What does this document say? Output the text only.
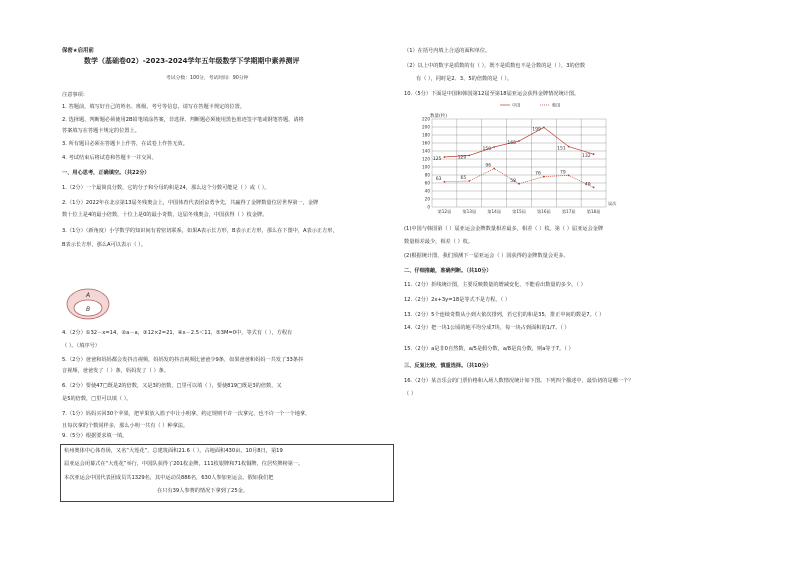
保密★启用前
数学（基础卷02）-2023-2024学年五年级数学下学期期中素养测评
考试分数：100分，考试时间：90分钟
注意事项：
1. 答题前，填写好自己的姓名、班级、考号等信息，请写在答题卡规定的位置。
2. 选择题、判断题必须使用2B铅笔填涂答案，非选择、判断题必须使用黑色墨迹签字笔或钢笔答题，请将
答案填写在答题卡规定的位置上。
3. 所有题目必须在答题卡上作答，在试卷上作答无效。
4. 考试结束后将试卷和答题卡一并交回。
一、用心思考，正确填空。（共22分）
1.（2分）一个最简真分数，它的分子和分母的积是24，那么这个分数可能是（ ）或（ ）。
2.（1分）2022年在北京第13届冬残奥会上，中国体育代表团奋勇争先，共赢得了金牌数量位居世界第一，金牌
数十位上是4的最小倍数，十位上是0的最小奇数，这届冬残奥会，中国获得（ ）枚金牌。
3.（1分）（新角度）小学数学的知识间有着密切联系，如果A表示长方形，B表示正方形，那么在下图中，A表示正方形，
B表示长方形，那么A可以表示（ ）。
A
B
4.（2分）①32－x=14，②a－a，③12×2=21，④x－2.5＜11，⑤3M=0中，等式有（ ），方程有
（ ）。（填序号）
5.（2分）爸爸和妈妈都会发抖音视频，妈妈发的抖音视频比爸爸少9条，如果爸爸和妈妈一共发了33条抖
音视频，爸爸发了（ ）条，妈妈发了（ ）条。
6.（2分）要使47□既是2的倍数，又是3的倍数，□里可以填（ ），要使819□既是3的倍数，又
是5的倍数，□里可以填（ ）。
7.（1分）妈妈买回30个苹果，把苹果放入篮子中让小明拿，约定规则不许一次拿完，也不许一个一个地拿，
且每次拿的个数同样多，那么小明一共有（ ）种拿法。
9.（5分）根据要求填一填。
杭州奥体中心体育场，又名“大莲花”，总建筑面积21.6（ ），占地面积430亩。10月8日，第19
届亚运会闭幕式在“大莲花”举行，中国队获得了201枚金牌，111枚银牌和71枚铜牌，位居奖牌榜第一。
本次亚运会中国代表团成员共1329名，其中运动员886名，630人参加亚运会。假如我们把
在只有39人参赛的情况下拿到了25金。
（1）在括号内填上合适的面积单位。
（2）以上中的数字是质数的有（ ），既不是质数也不是合数的是（ ），3的倍数
有（ ），同时是2、3、5的倍数的是（ ）。
10.（5分）下面是中国和韩国第12届至第18届亚运会获得金牌情况统计图。
数量(枚)
0
20
40
60
80
100
120
140
160
180
200
220
第12届	第13届	第14届	第15届	第16届	第17届	第18届
届次
中国	韩国
125	129
150
165
199
151
132
63	65
96
58
76	79
49
(1)中国与韩国第（ ）届亚运会金牌数量相差最多，相差（ ）枚。第（ ）届亚运会金牌
数量相差最少，相差（ ）枚。
(2)根据统计图，我们预测下一届亚运会（ ）国获得的金牌数量会更多。
二、仔细推敲，准确判断。（共10分）
11.（2分）折线统计图，主要反映数量的增减变化，不能看出数量的多少。（ ）
12.（2分）2x+3y=18是等式不是方程。（ ）
13.（2分）5个连续奇数从小到大依次排列，若它们的和是35，排正中间的数是7。（ ）
14.（2分）把一块1公顷的地平均分成7块，每一块占到面积的1/7。（ ）
15.（2分）a是非0自然数，a/5是假分数，a/8是真分数，则a等于7。（ ）
三、反复比较，慎重选择。（共10分）
16.（2分）某音乐会的门票价格和入场人数情况统计如下图。下列四个描述中，最恰切的是哪一个？
（ ）
